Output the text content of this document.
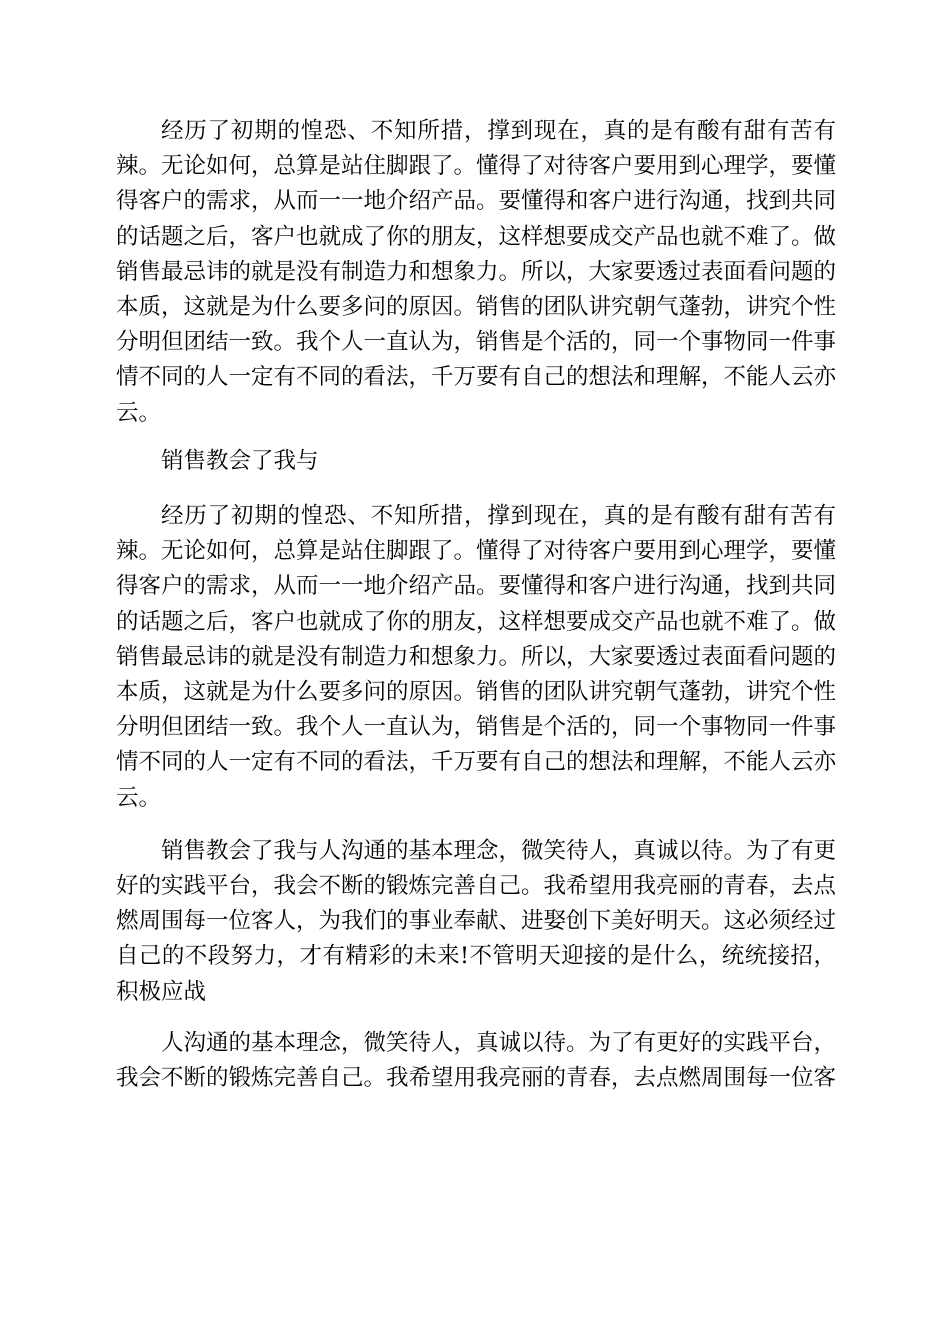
经历了初期的惶恐、不知所措，撑到现在，真的是有酸有甜有苦有辣。无论如何，总算是站住脚跟了。懂得了对待客户要用到心理学，要懂得客户的需求，从而一一地介绍产品。要懂得和客户进行沟通，找到共同的话题之后，客户也就成了你的朋友，这样想要成交产品也就不难了。做销售最忌讳的就是没有制造力和想象力。所以，大家要透过表面看问题的本质，这就是为什么要多问的原因。销售的团队讲究朝气蓬勃，讲究个性分明但团结一致。我个人一直认为，销售是个活的，同一个事物同一件事情不同的人一定有不同的看法，千万要有自己的想法和理解，不能人云亦云。

销售教会了我与

经历了初期的惶恐、不知所措，撑到现在，真的是有酸有甜有苦有辣。无论如何，总算是站住脚跟了。懂得了对待客户要用到心理学，要懂得客户的需求，从而一一地介绍产品。要懂得和客户进行沟通，找到共同的话题之后，客户也就成了你的朋友，这样想要成交产品也就不难了。做销售最忌讳的就是没有制造力和想象力。所以，大家要透过表面看问题的本质，这就是为什么要多问的原因。销售的团队讲究朝气蓬勃，讲究个性分明但团结一致。我个人一直认为，销售是个活的，同一个事物同一件事情不同的人一定有不同的看法，千万要有自己的想法和理解，不能人云亦云。

销售教会了我与人沟通的基本理念，微笑待人，真诚以待。为了有更好的实践平台，我会不断的锻炼完善自己。我希望用我亮丽的青春，去点燃周围每一位客人，为我们的事业奉献、进娶创下美好明天。这必须经过自己的不段努力，才有精彩的未来!不管明天迎接的是什么，统统接招，积极应战

人沟通的基本理念，微笑待人，真诚以待。为了有更好的实践平台，我会不断的锻炼完善自己。我希望用我亮丽的青春，去点燃周围每一位客
